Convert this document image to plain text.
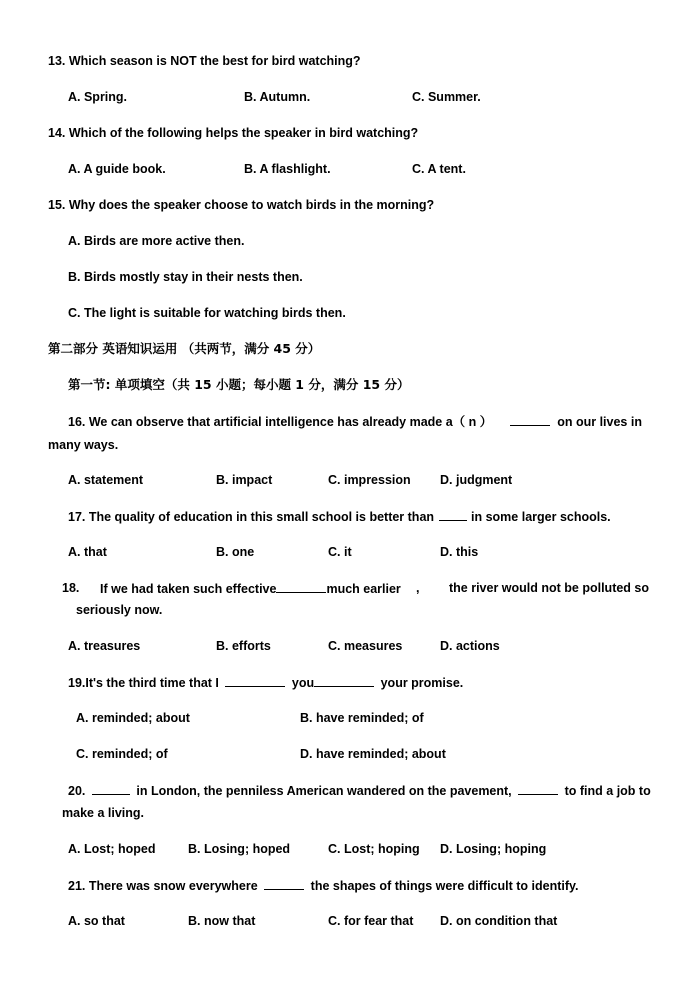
13. Which season is NOT the best for bird watching?
A. Spring.	B. Autumn.	C. Summer.
14. Which of the following helps the speaker in bird watching?
A. A guide book.	B. A flashlight.	C. A tent.
15. Why does the speaker choose to watch birds in the morning?
A. Birds are more active then.
B. Birds mostly stay in their nests then.
C. The light is suitable for watching birds then.
第二部分 英语知识运用 （共两节，满分 45 分）
第一节: 单项填空（共 15 小题；每小题 1 分，满分 15 分）
16. We can observe that artificial intelligence has already made a（ n ）	on our lives in
many ways.
A. statement	B. impact	C. impression D. judgment
17. The quality of education in this small school is better than	in some larger schools.
A. that	B. one	C. it	D. this
18. If we had taken such effective	much earlier , the river would not be polluted so
seriously now.
A. treasures	B. efforts	C. measures	D. actions
19.It's the third time that I	you	your promise.
A. reminded; about	B. have reminded; of
C. reminded; of	D. have reminded; about
20.	in London, the penniless American wandered on the pavement,	to find a job to
make a living.
A. Lost; hoped	B. Losing; hoped	C. Lost; hoping D. Losing; hoping
21. There was snow everywhere	the shapes of things were difficult to identify.
A. so that	B. now that	C. for fear that D. on condition that
